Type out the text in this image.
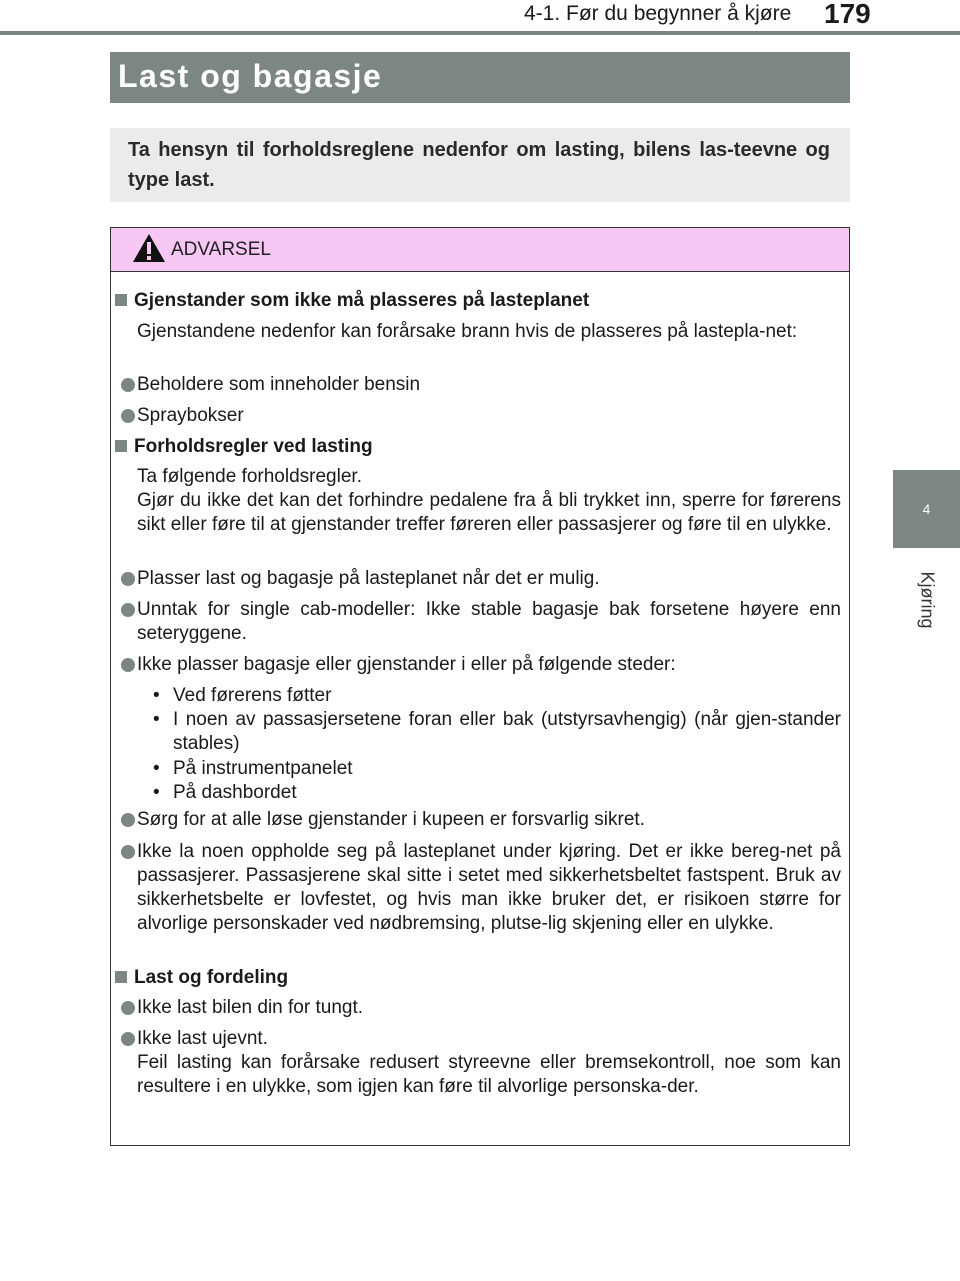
4-1. Før du begynner å kjøre 179
4
Kjøring
Last og bagasje

Ta hensyn til forholdsreglene nedenfor om lasting, bilens las-teevne og type last.

ADVARSEL
Gjenstander som ikke må plasseres på lasteplanet
Gjenstandene nedenfor kan forårsake brann hvis de plasseres på lastepla-net:
Beholdere som inneholder bensin
Spraybokser
Forholdsregler ved lasting
Ta følgende forholdsregler.
Gjør du ikke det kan det forhindre pedalene fra å bli trykket inn, sperre for førerens sikt eller føre til at gjenstander treffer føreren eller passasjerer og føre til en ulykke.
Plasser last og bagasje på lasteplanet når det er mulig.
Unntak for single cab-modeller: Ikke stable bagasje bak forsetene høyere enn seteryggene.
Ikke plasser bagasje eller gjenstander i eller på følgende steder:
• Ved førerens føtter
• I noen av passasjersetene foran eller bak (utstyrsavhengig) (når gjen-stander stables)
• På instrumentpanelet
• På dashbordet
Sørg for at alle løse gjenstander i kupeen er forsvarlig sikret.
Ikke la noen oppholde seg på lasteplanet under kjøring. Det er ikke bereg-net på passasjerer. Passasjerene skal sitte i setet med sikkerhetsbeltet fastspent. Bruk av sikkerhetsbelte er lovfestet, og hvis man ikke bruker det, er risikoen større for alvorlige personskader ved nødbremsing, plutse-lig skjening eller en ulykke.
Last og fordeling
Ikke last bilen din for tungt.
Ikke last ujevnt.
Feil lasting kan forårsake redusert styreevne eller bremsekontroll, noe som kan resultere i en ulykke, som igjen kan føre til alvorlige personska-der.
